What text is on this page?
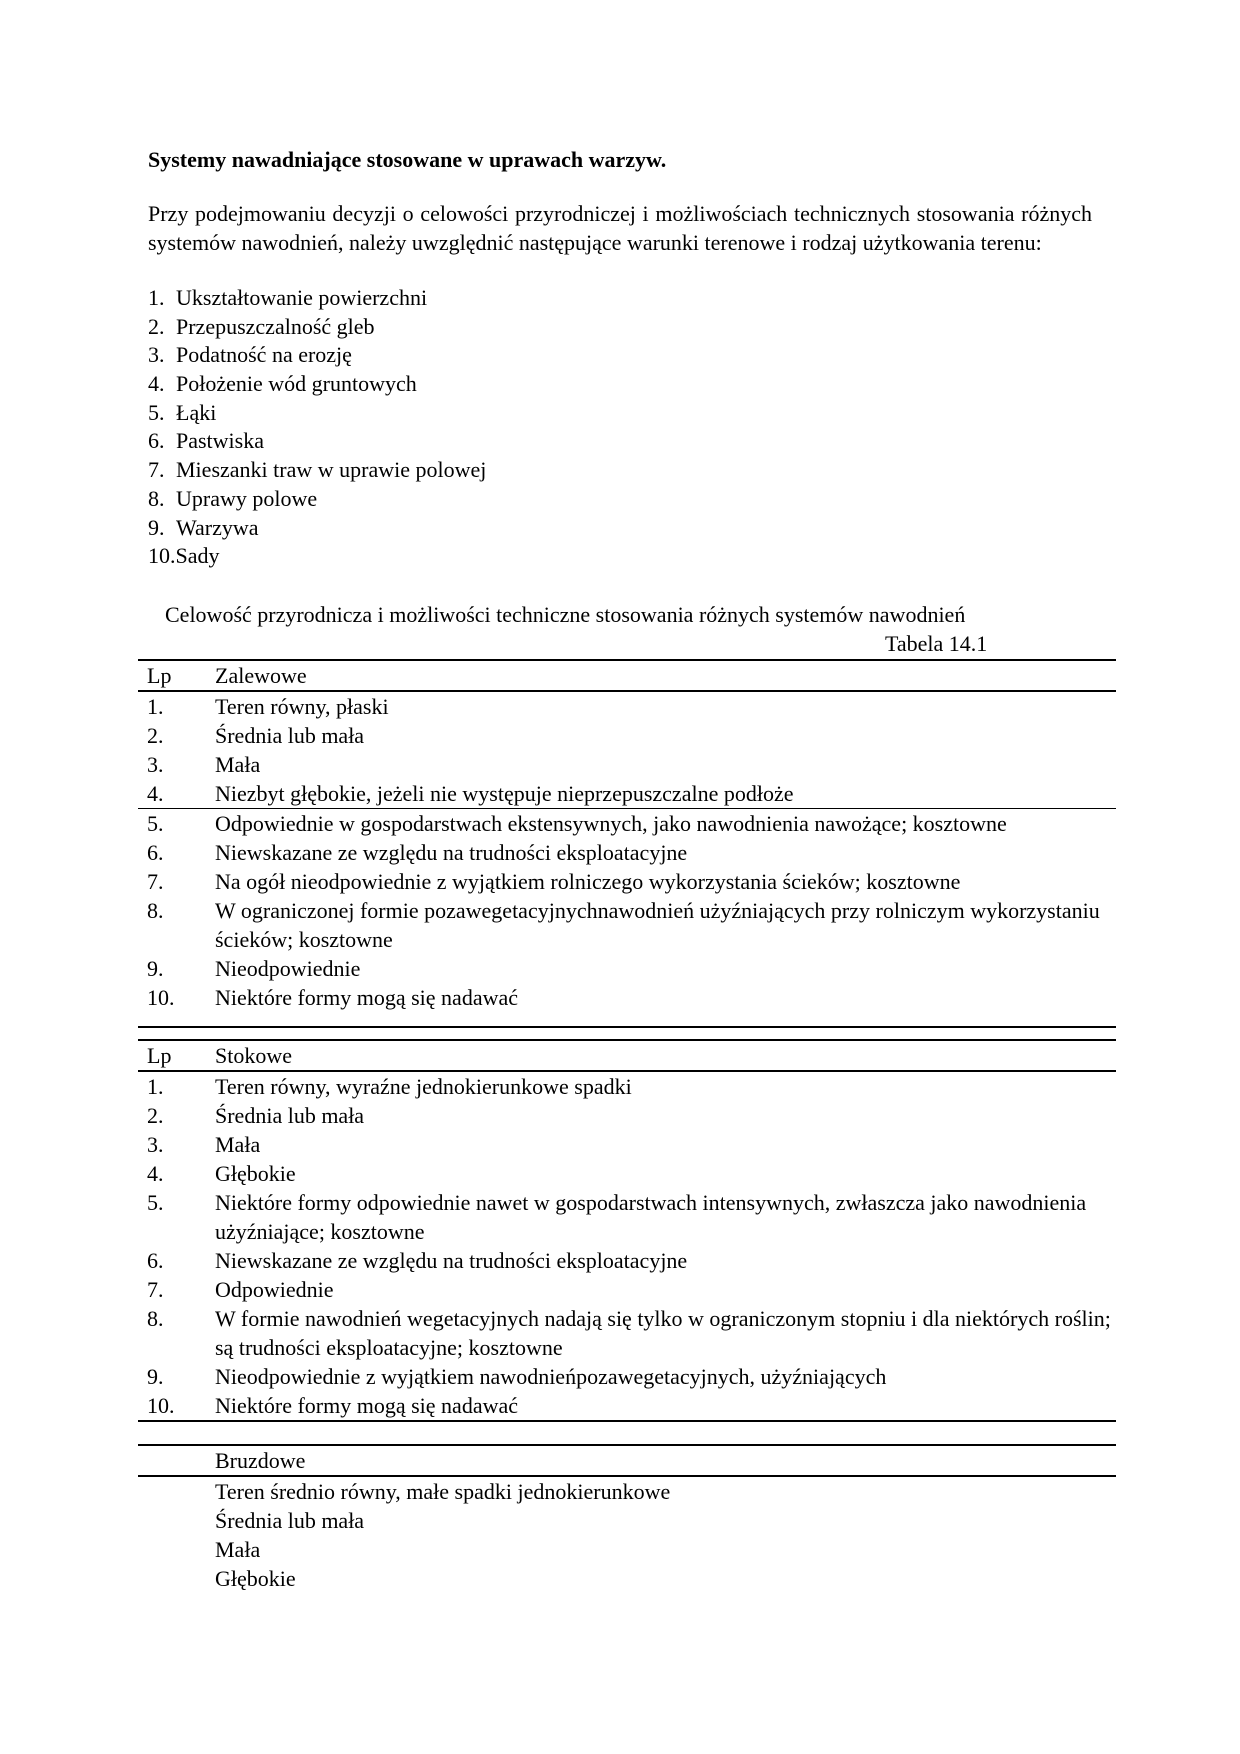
Systemy nawadniające stosowane w uprawach warzyw.

Przy podejmowaniu decyzji o celowości przyrodniczej i możliwościach technicznych stosowania różnych systemów nawodnień, należy uwzględnić następujące warunki terenowe i rodzaj użytkowania terenu:

1. Ukształtowanie powierzchni
2. Przepuszczalność gleb
3. Podatność na erozję
4. Położenie wód gruntowych
5. Łąki
6. Pastwiska
7. Mieszanki traw w uprawie polowej
8. Uprawy polowe
9. Warzywa
10.Sady

Celowość przyrodnicza i możliwości techniczne stosowania różnych systemów nawodnień

Tabela 14.1

Lp	Zalewowe
1.	Teren równy, płaski
2.	Średnia lub mała
3.	Mała
4.	Niezbyt głębokie, jeżeli nie występuje nieprzepuszczalne podłoże
5.	Odpowiednie w gospodarstwach ekstensywnych, jako nawodnienia nawożące; kosztowne
6.	Niewskazane ze względu na trudności eksploatacyjne
7.	Na ogół nieodpowiednie z wyjątkiem rolniczego wykorzystania ścieków; kosztowne
8.	W ograniczonej formie pozawegetacyjnychnawodnień użyźniających przy rolniczym wykorzystaniu ścieków; kosztowne
9.	Nieodpowiednie
10.	Niektóre formy mogą się nadawać
Lp	Stokowe
1.	Teren równy, wyraźne jednokierunkowe spadki
2.	Średnia lub mała
3.	Mała
4.	Głębokie
5.	Niektóre formy odpowiednie nawet w gospodarstwach intensywnych, zwłaszcza jako nawodnienia użyźniające; kosztowne
6.	Niewskazane ze względu na trudności eksploatacyjne
7.	Odpowiednie
8.	W formie nawodnień wegetacyjnych nadają się tylko w ograniczonym stopniu i dla niektórych roślin; są trudności eksploatacyjne; kosztowne
9.	Nieodpowiednie z wyjątkiem nawodnieńpozawegetacyjnych, użyźniających
10.	Niektóre formy mogą się nadawać
Bruzdowe
Teren średnio równy, małe spadki jednokierunkowe
Średnia lub mała
Mała
Głębokie
